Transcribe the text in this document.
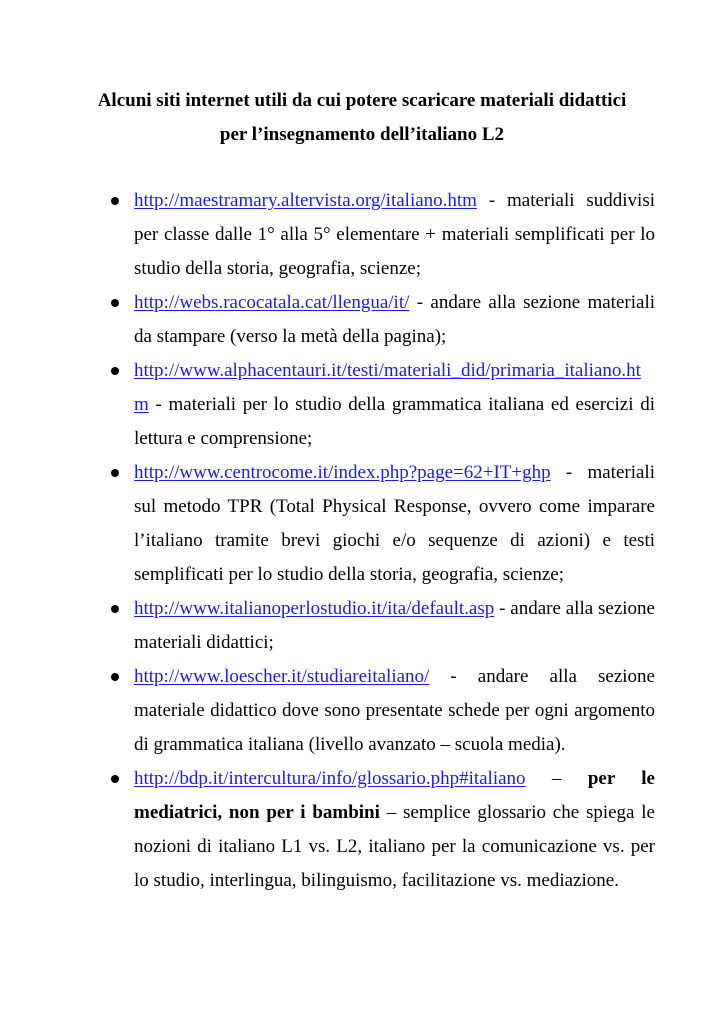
Alcuni siti internet utili da cui potere scaricare materiali didattici
per l’insegnamento dell’italiano L2
http://maestramary.altervista.org/italiano.htm - materiali suddivisi per classe dalle 1° alla 5° elementare + materiali semplificati per lo studio della storia, geografia, scienze;
http://webs.racocatala.cat/llengua/it/ - andare alla sezione materiali da stampare (verso la metà della pagina);
http://www.alphacentauri.it/testi/materiali_did/primaria_italiano.htm - materiali per lo studio della grammatica italiana ed esercizi di lettura e comprensione;
http://www.centrocome.it/index.php?page=62+IT+ghp - materiali sul metodo TPR (Total Physical Response, ovvero come imparare l’italiano tramite brevi giochi e/o sequenze di azioni) e testi semplificati per lo studio della storia, geografia, scienze;
http://www.italianoperlostudio.it/ita/default.asp - andare alla sezione materiali didattici;
http://www.loescher.it/studiareitaliano/ - andare alla sezione materiale didattico dove sono presentate schede per ogni argomento di grammatica italiana (livello avanzato – scuola media).
http://bdp.it/intercultura/info/glossario.php#italiano – per le mediatrici, non per i bambini – semplice glossario che spiega le nozioni di italiano L1 vs. L2, italiano per la comunicazione vs. per lo studio, interlingua, bilinguismo, facilitazione vs. mediazione.
